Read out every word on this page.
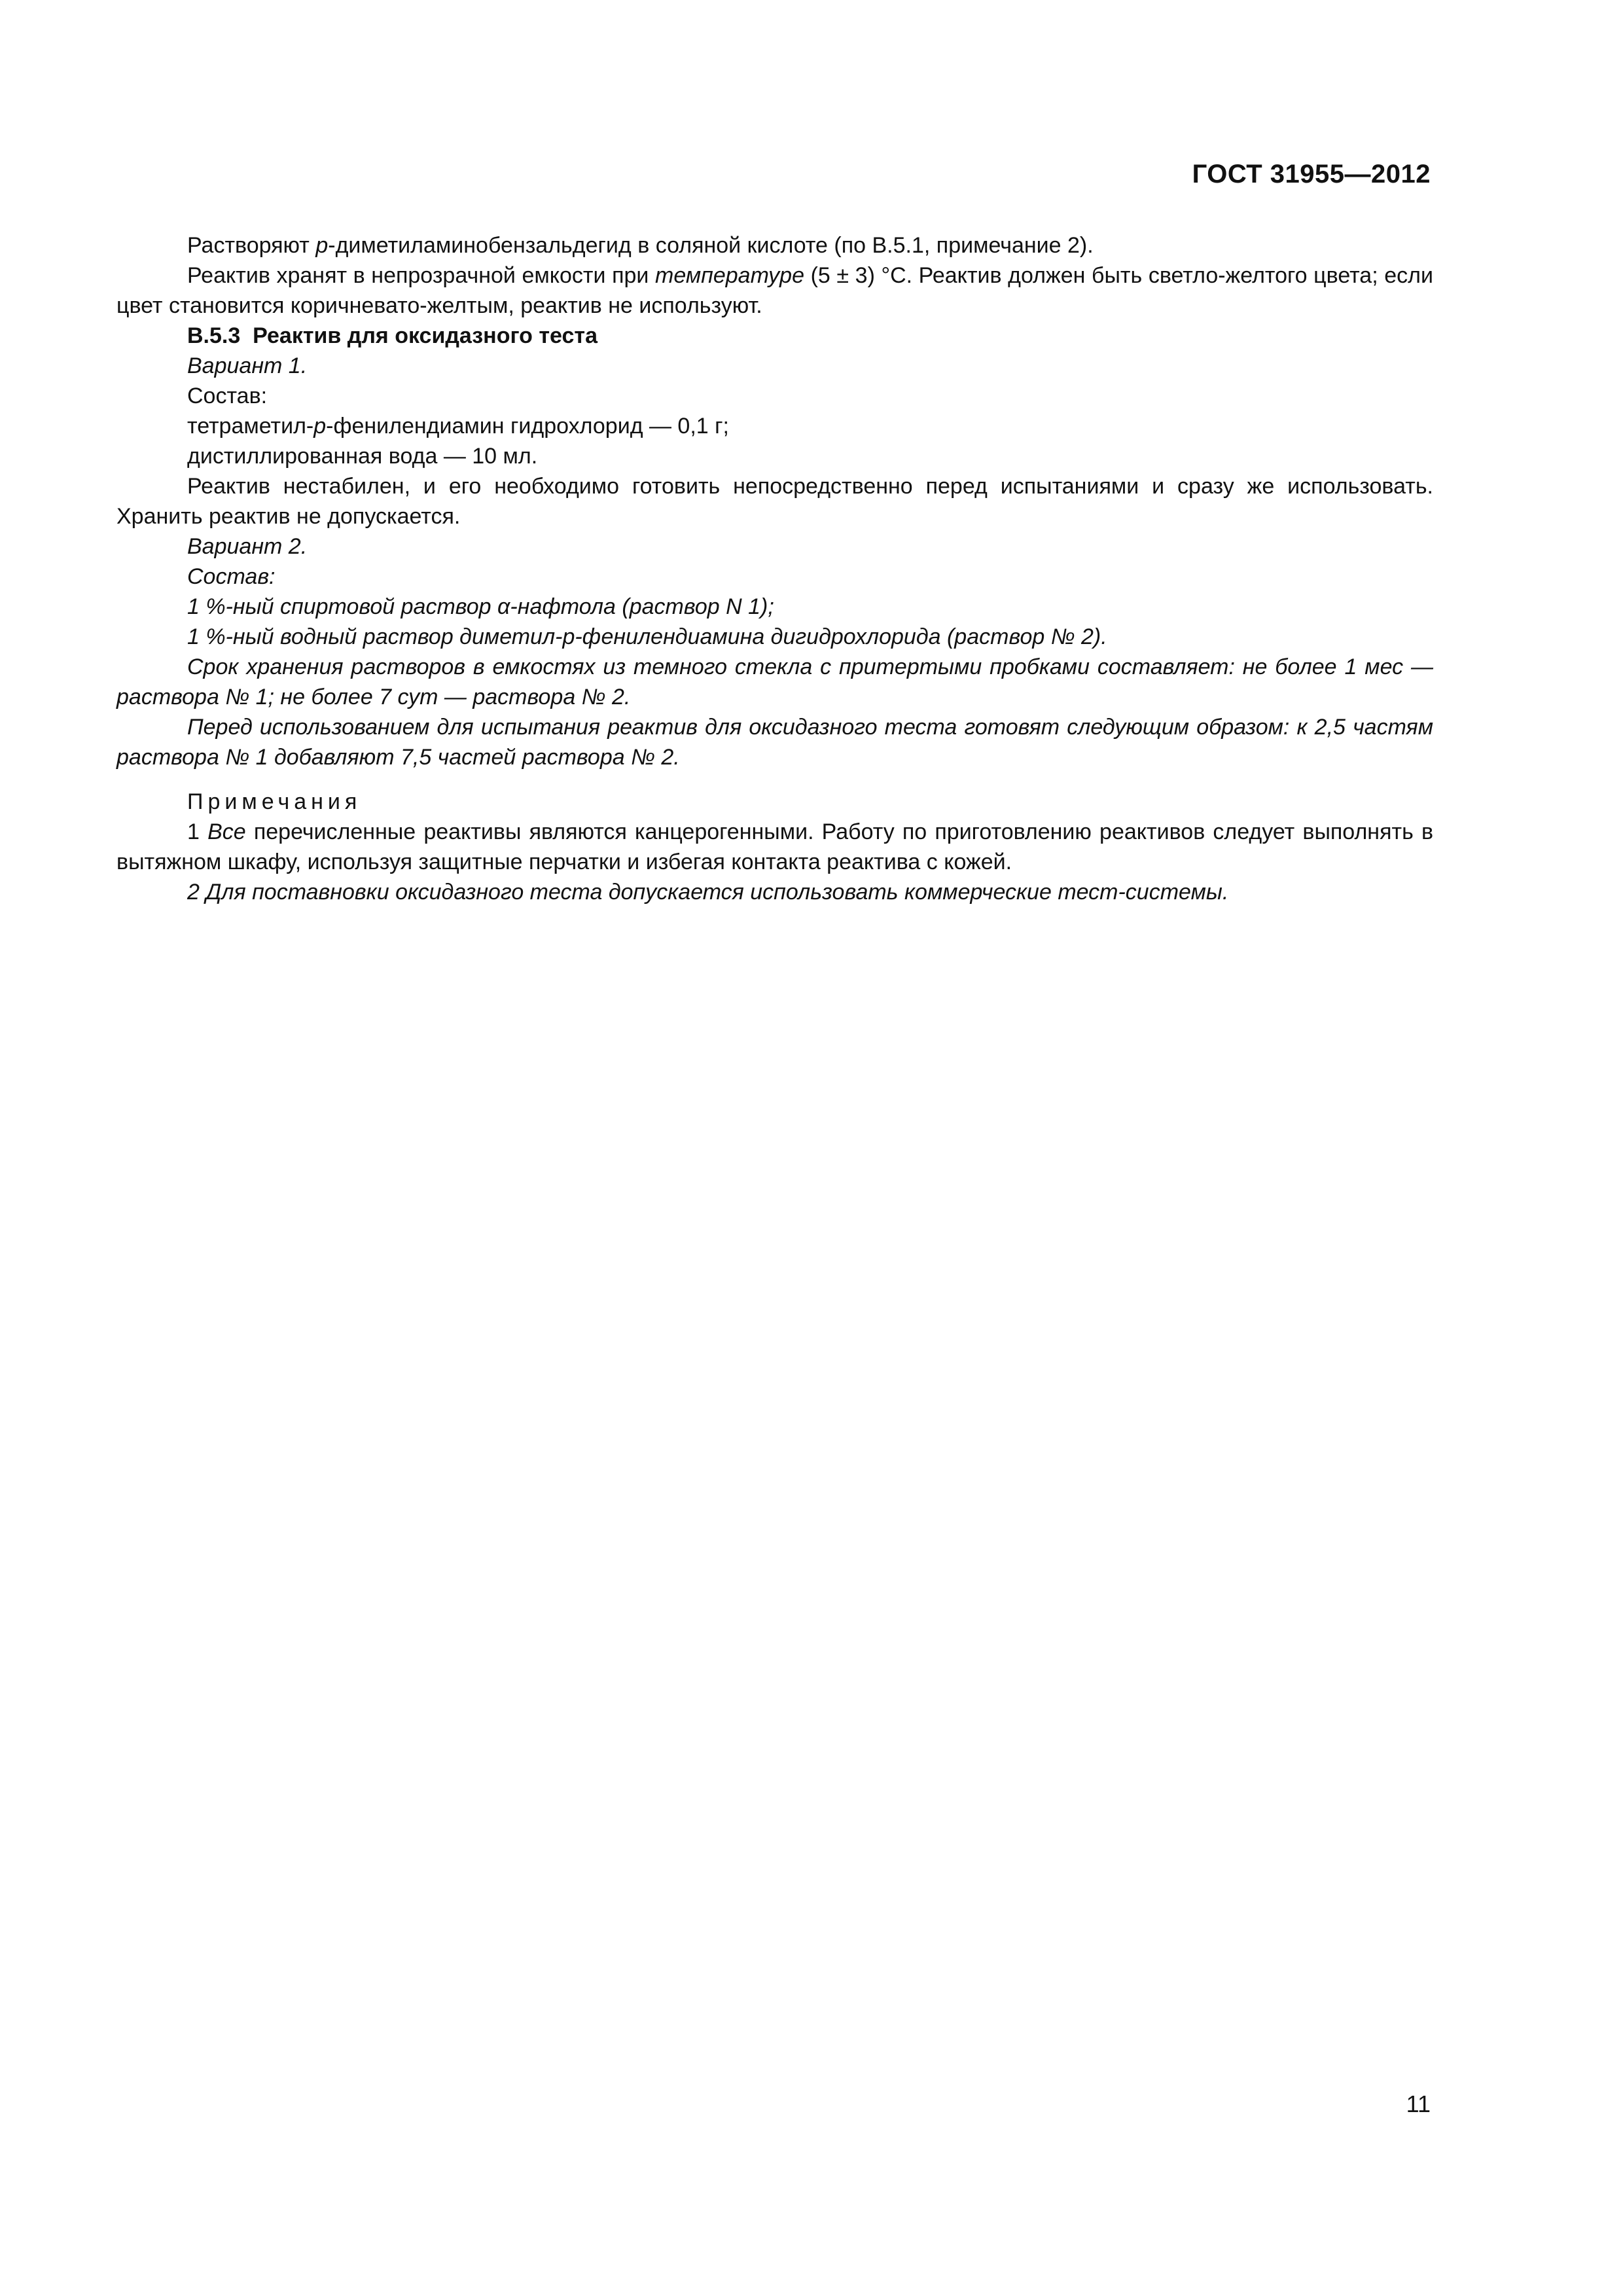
ГОСТ 31955—2012

Растворяют p-диметиламинобензальдегид в соляной кислоте (по В.5.1, примечание 2).

Реактив хранят в непрозрачной емкости при температуре (5 ± 3) °С. Реактив должен быть светло-желтого цвета; если цвет становится коричневато-желтым, реактив не используют.

В.5.3 Реактив для оксидазного теста

Вариант 1.

Состав:

тетраметил-р-фенилендиамин гидрохлорид — 0,1 г;

дистиллированная вода — 10 мл.

Реактив нестабилен, и его необходимо готовить непосредственно перед испытаниями и сразу же использовать. Хранить реактив не допускается.

Вариант 2.

Состав:

1 %-ный спиртовой раствор α-нафтола (раствор N 1);

1 %-ный водный раствор диметил-р-фенилендиамина дигидрохлорида (раствор № 2).

Срок хранения растворов в емкостях из темного стекла с притертыми пробками составляет: не более 1 мес — раствора № 1; не более 7 сут — раствора № 2.

Перед использованием для испытания реактив для оксидазного теста готовят следующим образом: к 2,5 частям раствора № 1 добавляют 7,5 частей раствора № 2.

Примечания

1 Все перечисленные реактивы являются канцерогенными. Работу по приготовлению реактивов следует выполнять в вытяжном шкафу, используя защитные перчатки и избегая контакта реактива с кожей.

2 Для поставновки оксидазного теста допускается использовать коммерческие тест-системы.

11
